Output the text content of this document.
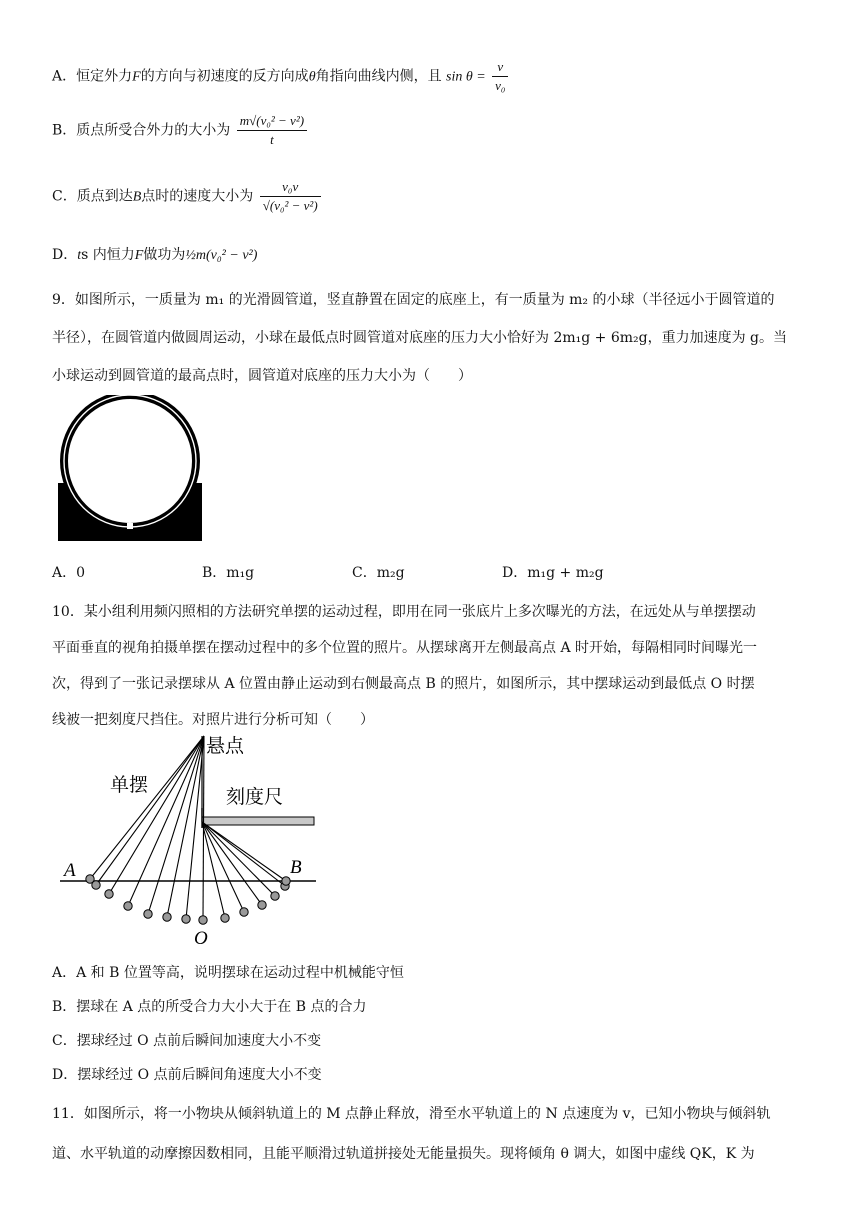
A．恒定外力F的方向与初速度的反方向成θ角指向曲线内侧，且 $\sin \theta = \frac{v}{\text{v₀}}$
B．质点所受合外力的大小为 $\frac{\text{m√(v₀² − v²)}}{t}$
C．质点到达B点时的速度大小为 $\frac{\text{v₀v}}{\text{√(v₀² − v²)}}$
D．ts 内恒力F做功为½m(v₀² − v²)
9．如图所示，一质量为 m₁ 的光滑圆管道，竖直静置在固定的底座上，有一质量为 m₂ 的小球（半径远小于圆管道的
半径），在圆管道内做圆周运动，小球在最低点时圆管道对底座的压力大小恰好为 2m₁g + 6m₂g，重力加速度为 g。当
小球运动到圆管道的最高点时，圆管道对底座的压力大小为（　　）
A．0	B．m₁g	C．m₂g	D．m₁g + m₂g
10．某小组利用频闪照相的方法研究单摆的运动过程，即用在同一张底片上多次曝光的方法，在远处从与单摆摆动
平面垂直的视角拍摄单摆在摆动过程中的多个位置的照片。从摆球离开左侧最高点 A 时开始，每隔相同时间曝光一
次，得到了一张记录摆球从 A 位置由静止运动到右侧最高点 B 的照片，如图所示，其中摆球运动到最低点 O 时摆
线被一把刻度尺挡住。对照片进行分析可知（　　）
悬点
单摆
刻度尺
A	B
O
A．A 和 B 位置等高，说明摆球在运动过程中机械能守恒
B．摆球在 A 点的所受合力大小大于在 B 点的合力
C．摆球经过 O 点前后瞬间加速度大小不变
D．摆球经过 O 点前后瞬间角速度大小不变
11．如图所示，将一小物块从倾斜轨道上的 M 点静止释放，滑至水平轨道上的 N 点速度为 v，已知小物块与倾斜轨
道、水平轨道的动摩擦因数相同，且能平顺滑过轨道拼接处无能量损失。现将倾角 θ 调大，如图中虚线 QK，K 为
